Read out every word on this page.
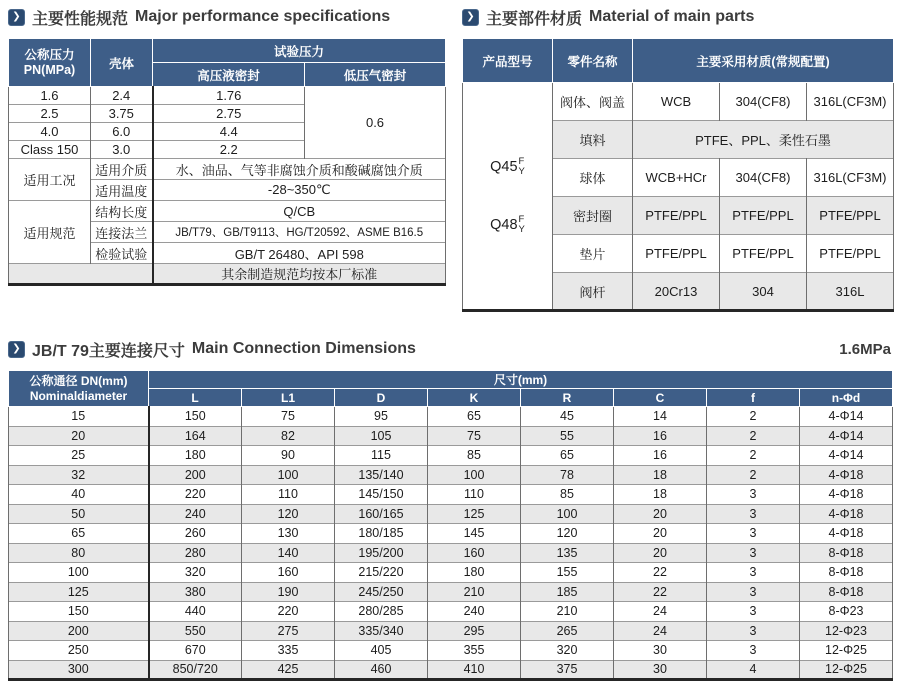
❯ 主要性能规范 Major performance specifications
公称压力
PN(MPa)	壳体	试验压力	
		高压液密封	低压气密封
1.6	2.4	1.76	0.6
2.5	3.75	2.75	
4.0	6.0	4.4	
Class 150	3.0	2.2	
适用工况	适用介质	水、油品、气等非腐蚀介质和酸碱腐蚀介质	
	适用温度	-28~350℃	
适用规范	结构长度	Q/CB	
	连接法兰	JB/T79、GB/T9113、HG/T20592、ASME B16.5	
	检验试验	GB/T 26480、API 598	
		其余制造规范均按本厂标准	
❯ 主要部件材质 Material of main parts
产品型号	零件名称	主要采用材质(常规配置)		

Q45 F
Y
Q48 F
Y
	阀体、阀盖	WCB	304(CF8)	316L(CF3M)
	填料	PTFE、PPL、柔性石墨		
	球体	WCB+HCr	304(CF8)	316L(CF3M)
	密封圈	PTFE/PPL	PTFE/PPL	PTFE/PPL
	垫片	PTFE/PPL	PTFE/PPL	PTFE/PPL
	阀杆	20Cr13	304	316L
❯ JB/T 79主要连接尺寸 Main Connection Dimensions	1.6MPa
公称通径 DN(mm)
Nominaldiameter	尺寸(mm)							
	L	L1	D	K	R	C	f	n-Φd
15	150	75	95	65	45	14	2	4-Φ14
20	164	82	105	75	55	16	2	4-Φ14
25	180	90	115	85	65	16	2	4-Φ14
32	200	100	135/140	100	78	18	2	4-Φ18
40	220	110	145/150	110	85	18	3	4-Φ18
50	240	120	160/165	125	100	20	3	4-Φ18
65	260	130	180/185	145	120	20	3	4-Φ18
80	280	140	195/200	160	135	20	3	8-Φ18
100	320	160	215/220	180	155	22	3	8-Φ18
125	380	190	245/250	210	185	22	3	8-Φ18
150	440	220	280/285	240	210	24	3	8-Φ23
200	550	275	335/340	295	265	24	3	12-Φ23
250	670	335	405	355	320	30	3	12-Φ25
300	850/720	425	460	410	375	30	4	12-Φ25
